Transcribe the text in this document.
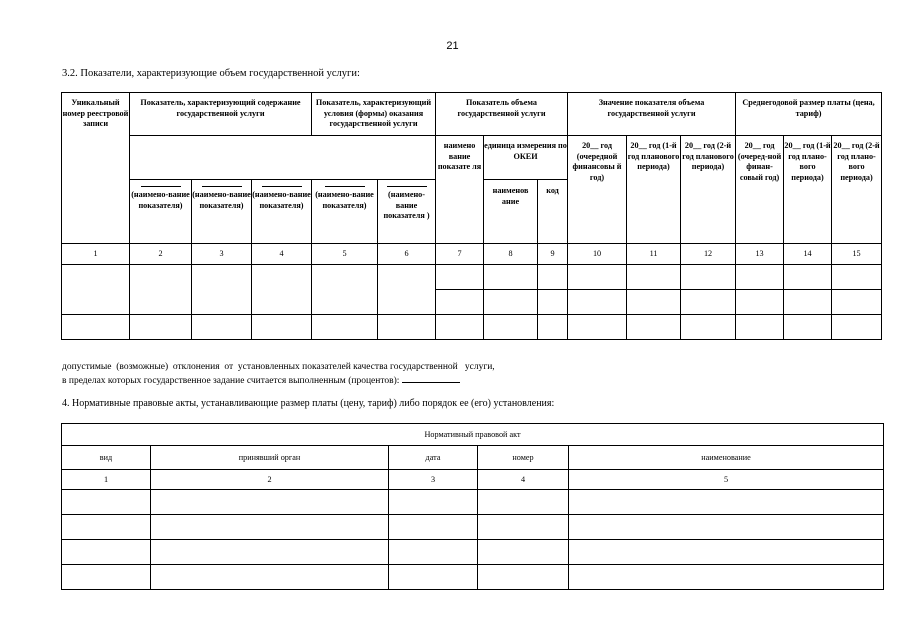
21
3.2. Показатели, характеризующие объем государственной услуги:
Уникальный номер реестровой записи	Показатель, характеризующий содержание государственной услуги			Показатель, характеризующий условия (формы) оказания государственной услуги		Показатель объема государственной услуги			Значение показателя объема государственной услуги			Среднегодовой размер платы (цена, тариф)		
						наимено вание показате ля	единица измерения по ОКЕИ		20__ год (очередной финансовы й год)	20__ год (1-й год планового периода)	20__ год (2-й год планового периода)	20__ год (очеред-ной финан-совый год)	20__ год (1-й год плано-вого периода)	20__ год (2-й год плано-вого периода)

(наимено-вание показателя)	(наимено-вание показателя)	(наимено-вание показателя)	(наимено-вание показателя)	(наимено-вание показателя )		наименов ание	код						
1	2	3	4	5	6	7	8	9	10	11	12	13	14	15

допустимые  (возможные)  отклонения  от  установленных показателей качества государственной   услуги,
в пределах которых государственное задание считается выполненным (процентов):
4. Нормативные правовые акты, устанавливающие размер платы (цену, тариф) либо порядок ее (его) установления:
Нормативный правовой акт				
вид	принявший орган	дата	номер	наименование
1	2	3	4	5
